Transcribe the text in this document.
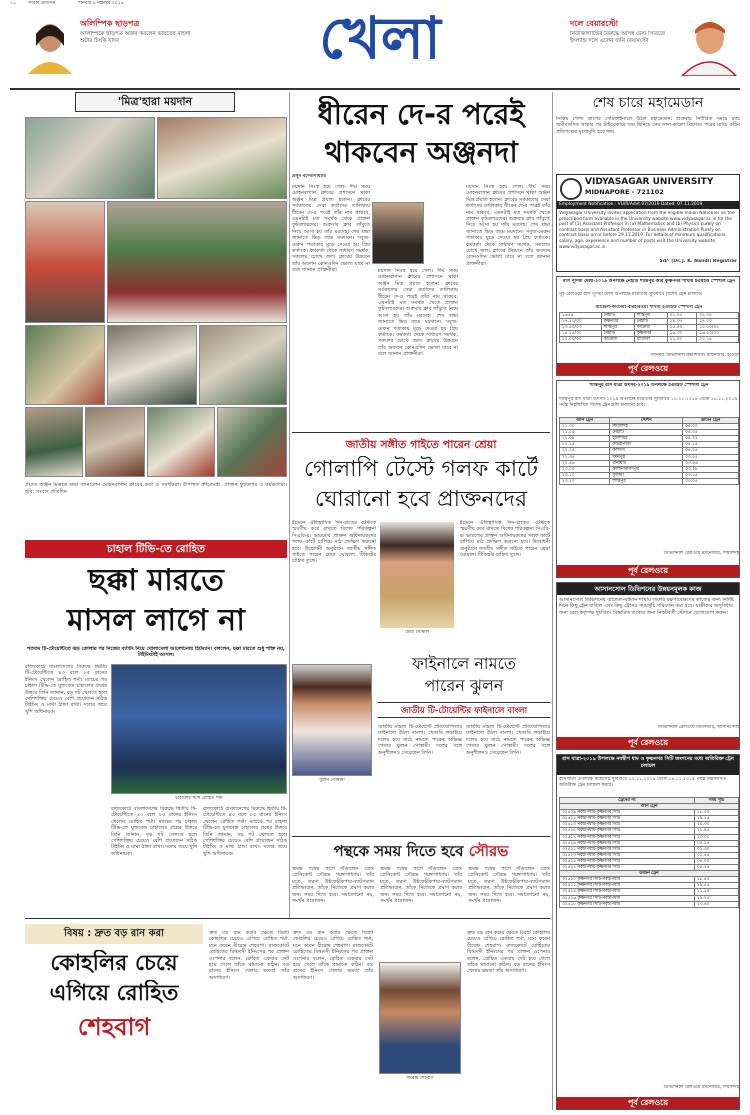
১১	সংবাদ প্রতিদিন	শনিবার ৯ নভেম্বর ২০১৯
অলিম্পিক ছাড়পত্র
অলিম্পিকে ছাড়পত্র অর্জন করলেন ভারতের মহিলা শুটার চিংকি যাদব	খেলা	দলে বেয়ারস্টো
নিউজিল্যান্ডের বিরুদ্ধে আসন্ন টেস্ট সিরিজে ইংল্যান্ড দলে এলেন জনি বেয়ারস্টো
'মিত্র'হারা ময়দান
প্রয়াত অঞ্জন মিত্রকে শ্রদ্ধা জানালেন মোহনবাগান ক্লাবের কর্তা ও সমর্থকরা। উপস্থিত ক্রীড়ামন্ত্রী, প্রাক্তন ফুটবলার ও কর্মকর্তারা। ছবি: সংবাদ প্রতিদিন
ধীরেন দে-র পরেই
থাকবেন অঞ্জনদা
প্রসূন বন্দ্যোপাধ্যায়
ময়দান নিঃস্ব হয়ে গেল। দীর্ঘ সময় মোহনবাগান ক্লাবের প্রশাসনে থাকা অঞ্জন মিত্র প্রয়াত হলেন। ক্লাবের সর্বকালের সেরা কর্তাদের তালিকায় ধীরেন দে-র পরেই তাঁর নাম থাকবে, এমনটাই মত সমর্থক থেকে প্রাক্তন ফুটবলারদের। শুক্রবার ক্লাব তাঁবুতে নিয়ে আসা হয় তাঁর মরদেহ। শেষ শ্রদ্ধা জানাতে ভিড় জমে ময়দানে। সবুজ-মেরুন পতাকায় মুড়ে দেওয়া হয় প্রিয় কর্তাকে। কর্মকর্তা থেকে সাধারণ সমর্থক, সকলের চোখে জল। ক্লাবের উন্নয়নে তাঁর অবদান কোনওদিন ভোলা যাবে না বলে জানান প্রাক্তনীরা।	ময়দান নিঃস্ব হয়ে গেল। দীর্ঘ সময় মোহনবাগান ক্লাবের প্রশাসনে থাকা অঞ্জন মিত্র প্রয়াত হলেন। ক্লাবের সর্বকালের সেরা কর্তাদের তালিকায় ধীরেন দে-র পরেই তাঁর নাম থাকবে, এমনটাই মত সমর্থক থেকে প্রাক্তন ফুটবলারদের। শুক্রবার ক্লাব তাঁবুতে নিয়ে আসা হয় তাঁর মরদেহ। শেষ শ্রদ্ধা জানাতে ভিড় জমে ময়দানে। সবুজ-মেরুন পতাকায় মুড়ে দেওয়া হয় প্রিয় কর্তাকে। কর্মকর্তা থেকে সাধারণ সমর্থক, সকলের চোখে জল। ক্লাবের উন্নয়নে তাঁর অবদান কোনওদিন ভোলা যাবে না বলে জানান প্রাক্তনীরা।
ময়দান নিঃস্ব হয়ে গেল। দীর্ঘ সময় মোহনবাগান ক্লাবের প্রশাসনে থাকা অঞ্জন মিত্র প্রয়াত হলেন। ক্লাবের সর্বকালের সেরা কর্তাদের তালিকায় ধীরেন দে-র পরেই তাঁর নাম থাকবে, এমনটাই মত সমর্থক থেকে প্রাক্তন ফুটবলারদের। শুক্রবার ক্লাব তাঁবুতে নিয়ে আসা হয় তাঁর মরদেহ। শেষ শ্রদ্ধা জানাতে ভিড় জমে ময়দানে। সবুজ-মেরুন পতাকায় মুড়ে দেওয়া হয় প্রিয় কর্তাকে। কর্মকর্তা থেকে সাধারণ সমর্থক, সকলের চোখে জল। ক্লাবের উন্নয়নে তাঁর অবদান কোনওদিন ভোলা যাবে না বলে জানান প্রাক্তনীরা।
জাতীয় সঙ্গীত গাইতে পারেন শ্রেয়া
গোলাপি টেস্টে গলফ কার্টে
ঘোরানো হবে প্রাক্তনদের
ইডেনে ঐতিহাসিক দিন-রাতের টেস্টকে স্মরণীয় করে রাখতে বিশেষ পরিকল্পনা সিএবি-র। ভারতের প্রাক্তন অধিনায়কদের গলফ কার্টে চাপিয়ে মাঠ প্রদক্ষিণ করানো হবে। উদ্বোধনী অনুষ্ঠানে জাতীয় সঙ্গীত গাইতে পারেন শ্রেয়া ঘোষাল। টিকিটের চাহিদা তুঙ্গে।
শ্রেয়া ঘোষাল
ইডেনে ঐতিহাসিক দিন-রাতের টেস্টকে স্মরণীয় করে রাখতে বিশেষ পরিকল্পনা সিএবি-র। ভারতের প্রাক্তন অধিনায়কদের গলফ কার্টে চাপিয়ে মাঠ প্রদক্ষিণ করানো হবে। উদ্বোধনী অনুষ্ঠানে জাতীয় সঙ্গীত গাইতে পারেন শ্রেয়া ঘোষাল। টিকিটের চাহিদা তুঙ্গে।
চাহাল টিভি-তে রোহিত
ছক্কা মারতে
মাসল লাগে না
শততম টি-টোয়েন্টিতে ঝড় তোলার পর নিজের ব্যাটিং নিয়ে খোলামেলা আলোচনায় হিটম্যান। বললেন, ছক্কা মারতে শুধু শক্তি নয়, টাইমিংটাই আসল।
রাজকোটে বাংলাদেশের বিরুদ্ধে দ্বিতীয় টি-টোয়েন্টিতে ৪৩ বলে ৮৫ রানের ইনিংস খেলেন রোহিত শর্মা। ম্যাচের পর চাহাল টিভি-তে যুজবেন্দ্র চাহালের প্রশ্নের উত্তরে তিনি জানান, বড় শট খেলতে হলে পেশিশক্তির চেয়েও বেশি প্রয়োজন সঠিক টাইমিং ও মাথা ঠান্ডা রাখা। দলের জয়ে খুশি অধিনায়ক।
চাহালের সঙ্গে রোহিত শর্মা
রাজকোটে বাংলাদেশের বিরুদ্ধে দ্বিতীয় টি-টোয়েন্টিতে ৪৩ বলে ৮৫ রানের ইনিংস খেলেন রোহিত শর্মা। ম্যাচের পর চাহাল টিভি-তে যুজবেন্দ্র চাহালের প্রশ্নের উত্তরে তিনি জানান, বড় শট খেলতে হলে পেশিশক্তির চেয়েও বেশি প্রয়োজন সঠিক টাইমিং ও মাথা ঠান্ডা রাখা। দলের জয়ে খুশি অধিনায়ক।
রাজকোটে বাংলাদেশের বিরুদ্ধে দ্বিতীয় টি-টোয়েন্টিতে ৪৩ বলে ৮৫ রানের ইনিংস খেলেন রোহিত শর্মা। ম্যাচের পর চাহাল টিভি-তে যুজবেন্দ্র চাহালের প্রশ্নের উত্তরে তিনি জানান, বড় শট খেলতে হলে পেশিশক্তির চেয়েও বেশি প্রয়োজন সঠিক টাইমিং ও মাথা ঠান্ডা রাখা। দলের জয়ে খুশি অধিনায়ক।
ঝুলন গোস্বামী
ফাইনালে নামতে
পারেন ঝুলন
জাতীয় টি-টোয়েন্টির ফাইনালে বাংলা
জাতীয় মহিলা টি-টোয়েন্টি প্রতিযোগিতার ফাইনালে উঠল বাংলা। খেতাবি লড়াইয়ে দলের হয়ে মাঠে নামতে পারেন অভিজ্ঞ পেসার ঝুলন গোস্বামী। দলের সঙ্গে অনুশীলনও সেরেছেন তিনি।
জাতীয় মহিলা টি-টোয়েন্টি প্রতিযোগিতার ফাইনালে উঠল বাংলা। খেতাবি লড়াইয়ে দলের হয়ে মাঠে নামতে পারেন অভিজ্ঞ পেসার ঝুলন গোস্বামী। দলের সঙ্গে অনুশীলনও সেরেছেন তিনি।
পন্থকে সময় দিতে হবে সৌরভ
ঋষভ পন্থের পাশে দাঁড়ালেন বোর্ড প্রেসিডেন্ট সৌরভ গঙ্গোপাধ্যায়। তাঁর মতে, তরুণ উইকেটকিপার-ব্যাটসম্যান প্রতিভাবান, তাঁকে নিজেকে প্রমাণ করার জন্য সময় দিতে হবে। সমালোচনা নয়, সমর্থন প্রয়োজন।
ঋষভ পন্থের পাশে দাঁড়ালেন বোর্ড প্রেসিডেন্ট সৌরভ গঙ্গোপাধ্যায়। তাঁর মতে, তরুণ উইকেটকিপার-ব্যাটসম্যান প্রতিভাবান, তাঁকে নিজেকে প্রমাণ করার জন্য সময় দিতে হবে। সমালোচনা নয়, সমর্থন প্রয়োজন।
ঋষভ পন্থের পাশে দাঁড়ালেন বোর্ড প্রেসিডেন্ট সৌরভ গঙ্গোপাধ্যায়। তাঁর মতে, তরুণ উইকেটকিপার-ব্যাটসম্যান প্রতিভাবান, তাঁকে নিজেকে প্রমাণ করার জন্য সময় দিতে হবে। সমালোচনা নয়, সমর্থন প্রয়োজন।
বিষয় : দ্রুত বড় রান করা
কোহলির চেয়ে
এগিয়ে রোহিত
শেহবাগ
দ্রুত বড় রান করার ক্ষেত্রে বিরাট কোহলির চেয়েও এগিয়ে রোহিত শর্মা, মনে করেন বীরেন্দ্র শেহবাগ। রাজকোটে রোহিতের বিধ্বংসী ইনিংসের পর প্রাক্তন ওপেনার বলেন, রোহিত একবার সেট হয়ে গেলে তাঁকে থামানো কঠিন। বড় রানের ইনিংস খেলার ক্ষমতা তাঁর অসাধারণ।
দ্রুত বড় রান করার ক্ষেত্রে বিরাট কোহলির চেয়েও এগিয়ে রোহিত শর্মা, মনে করেন বীরেন্দ্র শেহবাগ। রাজকোটে রোহিতের বিধ্বংসী ইনিংসের পর প্রাক্তন ওপেনার বলেন, রোহিত একবার সেট হয়ে গেলে তাঁকে থামানো কঠিন। বড় রানের ইনিংস খেলার ক্ষমতা তাঁর অসাধারণ।
বীরেন্দ্র শেহবাগ
দ্রুত বড় রান করার ক্ষেত্রে বিরাট কোহলির চেয়েও এগিয়ে রোহিত শর্মা, মনে করেন বীরেন্দ্র শেহবাগ। রাজকোটে রোহিতের বিধ্বংসী ইনিংসের পর প্রাক্তন ওপেনার বলেন, রোহিত একবার সেট হয়ে গেলে তাঁকে থামানো কঠিন। বড় রানের ইনিংস খেলার ক্ষমতা তাঁর অসাধারণ।
শেষ চারে মহামেডান
সিকিম গোল্ড কাপের সেমিফাইনালে উঠল মহামেডান। শুক্রবার নির্ধারিত সময়ে ম্যাচ অমীমাংসিত থাকার পর টাইব্রেকারে জয় ছিনিয়ে নেয় সাদা-কালো ব্রিগেড। পরের ম্যাচে কঠিন প্রতিপক্ষের মুখোমুখি হবে দল।
VIDYASAGAR UNIVERSITY
MIDNAPORE - 721102
Employment Notification : VU/R/Advt.07/2019 Dated: 07.11.2019
Vidyasagar University invites application from the eligible Indian Nationals on the prescribed form available in the University website www.vidyasagar.ac.in for the post of (1) Assistant Professor in (a) Mathematics and (b) Physics purely on contract basis and Assistant Professor in Business Administration Purely on contract basis on or before 29.11.2019. For details of minimum qualifications, salary, age, experience and number of posts visit the University website www.vidyasagar.ac.in.
Sd/- (Dr. J. K. Nandi) Registrar
রাস পূর্ণিমা মেলা-২০১৯ উপলক্ষে নৈহাটি শান্তিপুর আর কৃষ্ণনগর শাখায় ইএমইউ স্পেশাল ট্রেন
পূর্ব রেলওয়ে রাস পূর্ণিমা মেলা উপলক্ষে যাত্রীদের সুবিধার্থে বিশেষ ট্রেন চালাবে।
ব্যান্ডেল-কাটোয়া-বারহারওয়া শাখায় ইএমইউ স্পেশাল ট্রেন
১৬৫৫	নৈহাটি	শান্তিপুর	০১.০৫	০২.০৫
১৭.১০/৩০	কৃষ্ণনগর	নৈহাটি	১৪.৩৫	১৭.০০
১৩.৪০/০৩	শান্তিপুর	কাটোয়া	১৫.৫০	১৫.৫০/০৫
১৪.১৫/৩০	নৈহাটি	কৃষ্ণনগর	১৬.৩০	১৬.৫০/০৩
২০.০০/০০	কাটোয়া	ব্যান্ডেল	২২.০০	২২.১৫
সিনিয়র ডিভিশনাল কমার্শিয়াল ম্যানেজার, হাওড়া
পূর্ব রেলওয়ে
শান্তিপুর রাস যাত্রা উৎসব-২০১৯ উপলক্ষে ইএমইউ স্পেশাল ট্রেন
শান্তিপুর রাস যাত্রা উৎসব-২০১৯ উপলক্ষে যাত্রীদের সুবিধার্থে ১৪.১১.২০১৯ থেকে ১৬.১১.২০১৯ পর্যন্ত নিম্নলিখিত বিশেষ ট্রেনগুলি চালানো হবে।
আপ ট্রেন	স্টেশন	ডাউন ট্রেন
২১.৩০	শিয়ালদহ	০৫.০০
২১.৫৫	নৈহাটি	০৪.৩৫
২২.০৮	হালিশহর	০৪.২২
২২.১৫	কাঁচরাপাড়া	০৪.১৫
২২.২৫	কল্যাণী	০৪.০৫
২২.৩৫	মদনপুর	০৩.৫৫
২২.৪৬	রানাঘাট	০৩.৪৬
২৩.০০	কালীনারায়ণপুর	০৩.২৮
২৩.১০	ফুলিয়া	০৩.১৫
২৩.২০	শান্তিপুর	০৩.০৫
ডিভিশনাল রেলওয়ে ম্যানেজার, শিয়ালদহ
পূর্ব রেলওয়ে
আসানসোল ডিভিশনের উন্নয়নমূলক কাজ
আসানসোল ডিভিশনের ব্যান্ডেল-বর্ধমান শাখায় জরুরি রক্ষণাবেক্ষণের কাজের জন্য নির্দিষ্ট দিনে কিছু ট্রেন বাতিল এবং কিছু ট্রেনের সময়সূচি পরিবর্তন করা হবে। যাত্রীদের অসুবিধার জন্য রেল কর্তৃপক্ষ দুঃখিত। বিস্তারিত তথ্যের জন্য নিকটবর্তী স্টেশনে যোগাযোগ করুন।
ডিভিশনাল রেলওয়ে ম্যানেজার, আসানসোল
পূর্ব রেলওয়ে
রাস যাত্রা-২০১৯ উপলক্ষে নবদ্বীপ ধাম ও কৃষ্ণনগর সিটি জংশনের মধ্যে অতিরিক্ত ট্রেন চলাচল
রাস যাত্রা উপলক্ষে যাত্রীদের সুবিধার্থে ১২.১১.২০১৯ থেকে ১৪.১১.২০১৯ পর্যন্ত নিম্নলিখিত অতিরিক্ত ট্রেন চলাচল করবে।
ট্রেনের নং	সময় সূচি
আপ ট্রেন	
৩২৫০৯ নবদ্বীপধাম-কৃষ্ণনগর সিটি	১৮.০০
৩২৫১১ নবদ্বীপধাম-কৃষ্ণনগর সিটি	১৯.১৫
৩২৫১৩ নবদ্বীপধাম-কৃষ্ণনগর সিটি	২০.৩০
৩২৫১৫ নবদ্বীপধাম-কৃষ্ণনগর সিটি	২১.৪৫
৩২৫১৭ নবদ্বীপধাম-কৃষ্ণনগর সিটি	২৩.০০
৩২৫১৯ নবদ্বীপধাম-কৃষ্ণনগর সিটি	০০.১৫
৩২৫২১ নবদ্বীপধাম-কৃষ্ণনগর সিটি	০১.৩০
৩২৫২৩ নবদ্বীপধাম-কৃষ্ণনগর সিটি	০২.৪৫
৩২৫২৫ নবদ্বীপধাম-কৃষ্ণনগর সিটি	০৪.০০
৩২৫২৭ নবদ্বীপধাম-কৃষ্ণনগর সিটি	০৫.১৫
ডাউন ট্রেন	
৩২৫১০ কৃষ্ণনগর সিটি-নবদ্বীপধাম	১৮.৪০
৩২৫১২ কৃষ্ণনগর সিটি-নবদ্বীপধাম	১৯.৫৫
৩২৫১৪ কৃষ্ণনগর সিটি-নবদ্বীপধাম	২১.১০
৩২৫১৬ কৃষ্ণনগর সিটি-নবদ্বীপধাম	২২.২৫
৩২৫১৮ কৃষ্ণনগর সিটি-নবদ্বীপধাম	২৩.৪০
ডিভিশনাল রেলওয়ে ম্যানেজার, শিয়ালদহ
পূর্ব রেলওয়ে
